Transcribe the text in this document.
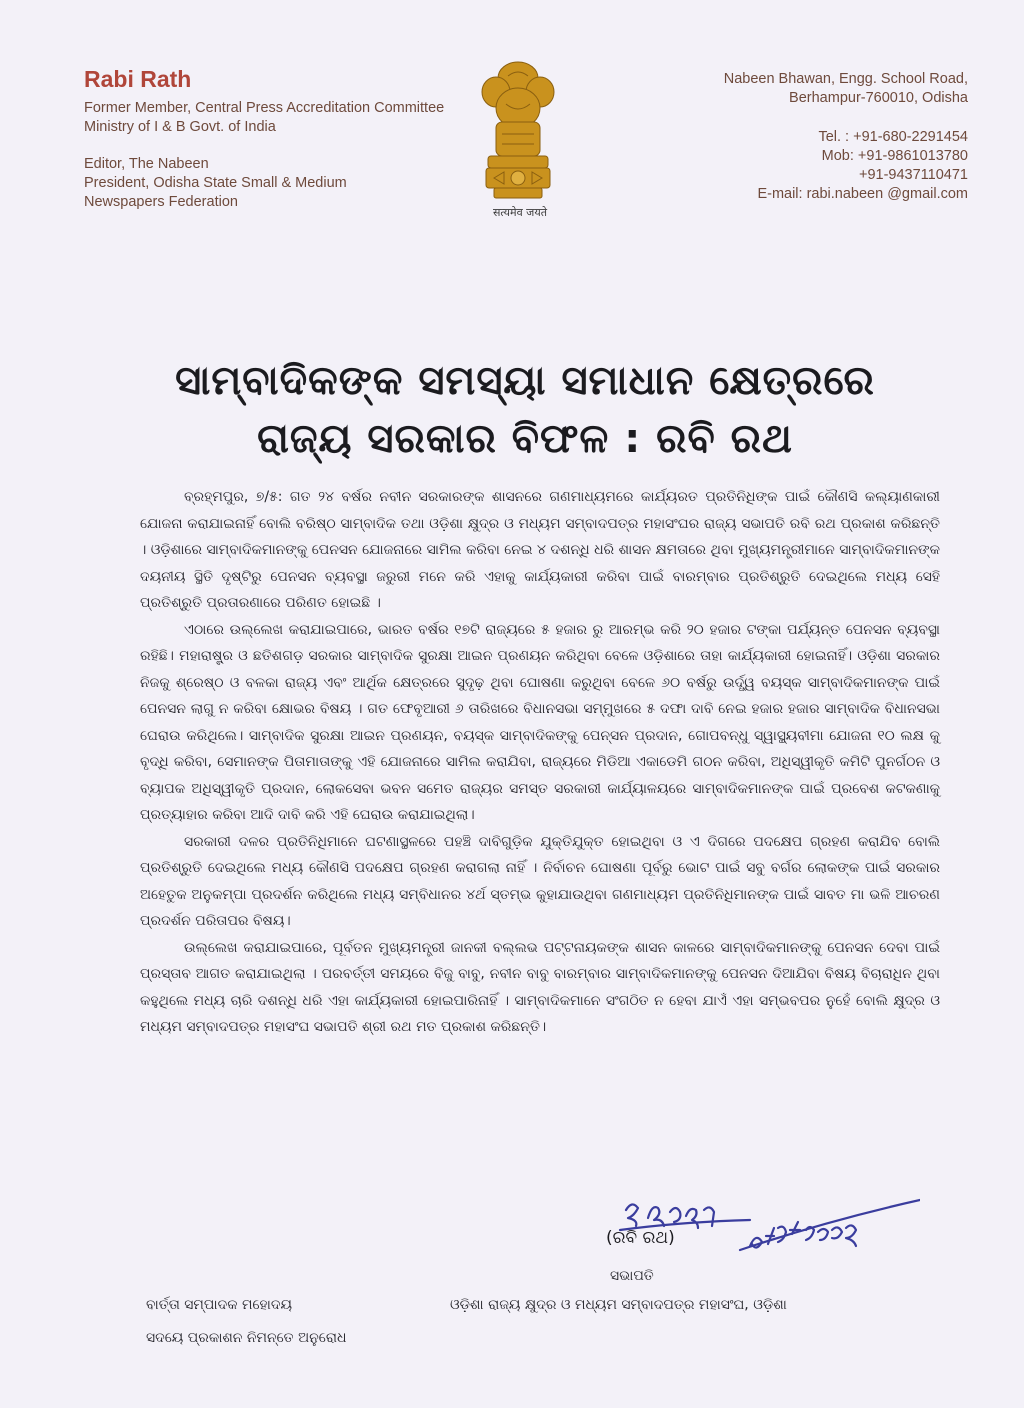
Rabi Rath
Former Member, Central Press Accreditation Committee
Ministry of I & B Govt. of India
Editor, The Nabeen
President, Odisha State Small & Medium
Newspapers Federation
सत्यमेव जयते
Nabeen Bhawan, Engg. School Road,
Berhampur-760010, Odisha
Tel. : +91-680-2291454
Mob: +91-9861013780
+91-9437110471
E-mail: rabi.nabeen @gmail.com
ସାମ୍ବାଦିକଙ୍କ ସମସ୍ୟା ସମାଧାନ କ୍ଷେତ୍ରରେ
ରାଜ୍ୟ ସରକାର ବିଫଳ : ରବି ରଥ

ବ୍ରହ୍ମପୁର, ୭/୫: ଗତ ୨୪ ବର୍ଷର ନବୀନ ସରକାରଙ୍କ ଶାସନରେ ଗଣମାଧ୍ୟମରେ କାର୍ଯ୍ୟରତ ପ୍ରତିନିଧିଙ୍କ ପାଇଁ କୌଣସି କଲ୍ୟାଣକାରୀ ଯୋଜନା କରାଯାଇନାହିଁ ବୋଲି ବରିଷ୍ଠ ସାମ୍ବାଦିକ ତଥା ଓଡ଼ିଶା କ୍ଷୁଦ୍ର ଓ ମଧ୍ୟମ ସମ୍ବାଦପତ୍ର ମହାସଂଘର ରାଜ୍ୟ ସଭାପତି ରବି ରଥ ପ୍ରକାଶ କରିଛନ୍ତି । ଓଡ଼ିଶାରେ ସାମ୍ବାଦିକମାନଙ୍କୁ ପେନସନ ଯୋଜନାରେ ସାମିଲ କରିବା ନେଇ ୪ ଦଶନ୍ଧି ଧରି ଶାସନ କ୍ଷମତାରେ ଥିବା ମୁଖ୍ୟମନ୍ତ୍ରୀମାନେ ସାମ୍ବାଦିକମାନଙ୍କ ଦୟନୀୟ ସ୍ଥିତି ଦୃଷ୍ଟିରୁ ପେନସନ ବ୍ୟବସ୍ଥା ଜରୁରୀ ମନେ କରି ଏହାକୁ କାର୍ଯ୍ୟକାରୀ କରିବା ପାଇଁ ବାରମ୍ବାର ପ୍ରତିଶ୍ରୁତି ଦେଇଥିଲେ ମଧ୍ୟ ସେହି ପ୍ରତିଶ୍ରୁତି ପ୍ରତାରଣାରେ ପରିଣତ ହୋଇଛି ।

ଏଠାରେ ଉଲ୍ଲେଖ କରାଯାଇପାରେ, ଭାରତ ବର୍ଷର ୧୭ଟି ରାଜ୍ୟରେ ୫ ହଜାର ରୁ ଆରମ୍ଭ କରି ୨୦ ହଜାର ଟଙ୍କା ପର୍ଯ୍ୟନ୍ତ ପେନସନ ବ୍ୟବସ୍ଥା ରହିଛି। ମହାରାଷ୍ଟ୍ର ଓ ଛତିଶଗଡ଼ ସରକାର ସାମ୍ବାଦିକ ସୁରକ୍ଷା ଆଇନ ପ୍ରଣୟନ କରିଥିବା ବେଳେ ଓଡ଼ିଶାରେ ତାହା କାର୍ଯ୍ୟକାରୀ ହୋଇନାହିଁ। ଓଡ଼ିଶା ସରକାର ନିଜକୁ ଶ୍ରେଷ୍ଠ ଓ ବଳକା ରାଜ୍ୟ ଏବଂ ଆର୍ଥିକ କ୍ଷେତ୍ରରେ ସୁଦୃଢ଼ ଥିବା ଘୋଷଣା କରୁଥିବା ବେଳେ ୬୦ ବର୍ଷରୁ ଉର୍ଦ୍ଧ୍ୱ ବୟସ୍କ ସାମ୍ବାଦିକମାନଙ୍କ ପାଇଁ ପେନସନ ଲାଗୁ ନ କରିବା କ୍ଷୋଭର ବିଷୟ । ଗତ ଫେବୃଆରୀ ୬ ତାରିଖରେ ବିଧାନସଭା ସମ୍ମୁଖରେ ୫ ଦଫା ଦାବି ନେଇ ହଜାର ହଜାର ସାମ୍ବାଦିକ ବିଧାନସଭା ଘେରାଉ କରିଥିଲେ। ସାମ୍ବାଦିକ ସୁରକ୍ଷା ଆଇନ ପ୍ରଣୟନ, ବୟସ୍କ ସାମ୍ବାଦିକଙ୍କୁ ପେନ୍‌ସନ ପ୍ରଦାନ, ଗୋପବନ୍ଧୁ ସ୍ୱାସ୍ଥ୍ୟବୀମା ଯୋଜନା ୧୦ ଲକ୍ଷ କୁ ବୃଦ୍ଧି କରିବା, ସେମାନଙ୍କ ପିତାମାତାଙ୍କୁ ଏହି ଯୋଜନାରେ ସାମିଲ କରାଯିବା, ରାଜ୍ୟରେ ମିଡିଆ ଏକାଡେମି ଗଠନ କରିବା, ଅଧିସ୍ୱୀକୃତି କମିଟି ପୁନର୍ଗଠନ ଓ ବ୍ୟାପକ ଅଧିସ୍ୱୀକୃତି ପ୍ରଦାନ, ଲୋକସେବା ଭବନ ସମେତ ରାଜ୍ୟର ସମସ୍ତ ସରକାରୀ କାର୍ଯ୍ୟାଳୟରେ ସାମ୍ବାଦିକମାନଙ୍କ ପାଇଁ ପ୍ରବେଶ କଟକଣାକୁ ପ୍ରତ୍ୟାହାର କରିବା ଆଦି ଦାବି କରି ଏହି ଘେରାଉ କରାଯାଇଥିଲା।

ସରକାରୀ ଦଳର ପ୍ରତିନିଧିମାନେ ଘଟଣାସ୍ଥଳରେ ପହଞ୍ଚି ଦାବିଗୁଡ଼ିକ ଯୁକ୍ତିଯୁକ୍ତ ହୋଇଥିବା ଓ ଏ ଦିଗରେ ପଦକ୍ଷେପ ଗ୍ରହଣ କରାଯିବ ବୋଲି ପ୍ରତିଶ୍ରୁତି ଦେଇଥିଲେ ମଧ୍ୟ କୌଣସି ପଦକ୍ଷେପ ଗ୍ରହଣ କରାଗଲା ନାହିଁ । ନିର୍ବାଚନ ଘୋଷଣା ପୂର୍ବରୁ ଭୋଟ ପାଇଁ ସବୁ ବର୍ଗର ଲୋକଙ୍କ ପାଇଁ ସରକାର ଅହେତୁକ ଅନୁକମ୍ପା ପ୍ରଦର୍ଶନ କରିଥିଲେ ମଧ୍ୟ ସମ୍ବିଧାନର ୪ର୍ଥ ସ୍ତମ୍ଭ କୁହାଯାଉଥିବା ଗଣମାଧ୍ୟମ ପ୍ରତିନିଧିମାନଙ୍କ ପାଇଁ ସାବତ ମା ଭଳି ଆଚରଣ ପ୍ରଦର୍ଶନ ପରିତାପର ବିଷୟ।

ଉଲ୍ଲେଖ କରାଯାଇପାରେ, ପୂର୍ବତନ ମୁଖ୍ୟମନ୍ତ୍ରୀ ଜାନକୀ ବଲ୍ଲଭ ପଟ୍ଟନାୟକଙ୍କ ଶାସନ କାଳରେ ସାମ୍ବାଦିକମାନଙ୍କୁ ପେନସନ ଦେବା ପାଇଁ ପ୍ରସ୍ତାବ ଆଗତ କରାଯାଇଥିଲା । ପରବର୍ତ୍ତୀ ସମୟରେ ବିଜୁ ବାବୁ, ନବୀନ ବାବୁ ବାରମ୍ବାର ସାମ୍ବାଦିକମାନଙ୍କୁ ପେନସନ ଦିଆଯିବା ବିଷୟ ବିଚାରାଧିନ ଥିବା କହୁଥିଲେ ମଧ୍ୟ ଚାରି ଦଶନ୍ଧି ଧରି ଏହା କାର୍ଯ୍ୟକାରୀ ହୋଇପାରିନାହିଁ । ସାମ୍ବାଦିକମାନେ ସଂଗଠିତ ନ ହେବା ଯାଏଁ ଏହା ସମ୍ଭବପର ନୁହେଁ ବୋଲି କ୍ଷୁଦ୍ର ଓ ମଧ୍ୟମ ସମ୍ବାଦପତ୍ର ମହାସଂଘ ସଭାପତି ଶ୍ରୀ ରଥ ମତ ପ୍ରକାଶ କରିଛନ୍ତି।

(ରବି ରଥ)
ସଭାପତି
ଓଡ଼ିଶା ରାଜ୍ୟ କ୍ଷୁଦ୍ର ଓ ମଧ୍ୟମ ସମ୍ବାଦପତ୍ର ମହାସଂଘ, ଓଡ଼ିଶା
ବାର୍ତ୍ତା ସମ୍ପାଦକ ମହୋଦୟ
ସଦୟେ ପ୍ରକାଶନ ନିମନ୍ତେ ଅନୁରୋଧ
